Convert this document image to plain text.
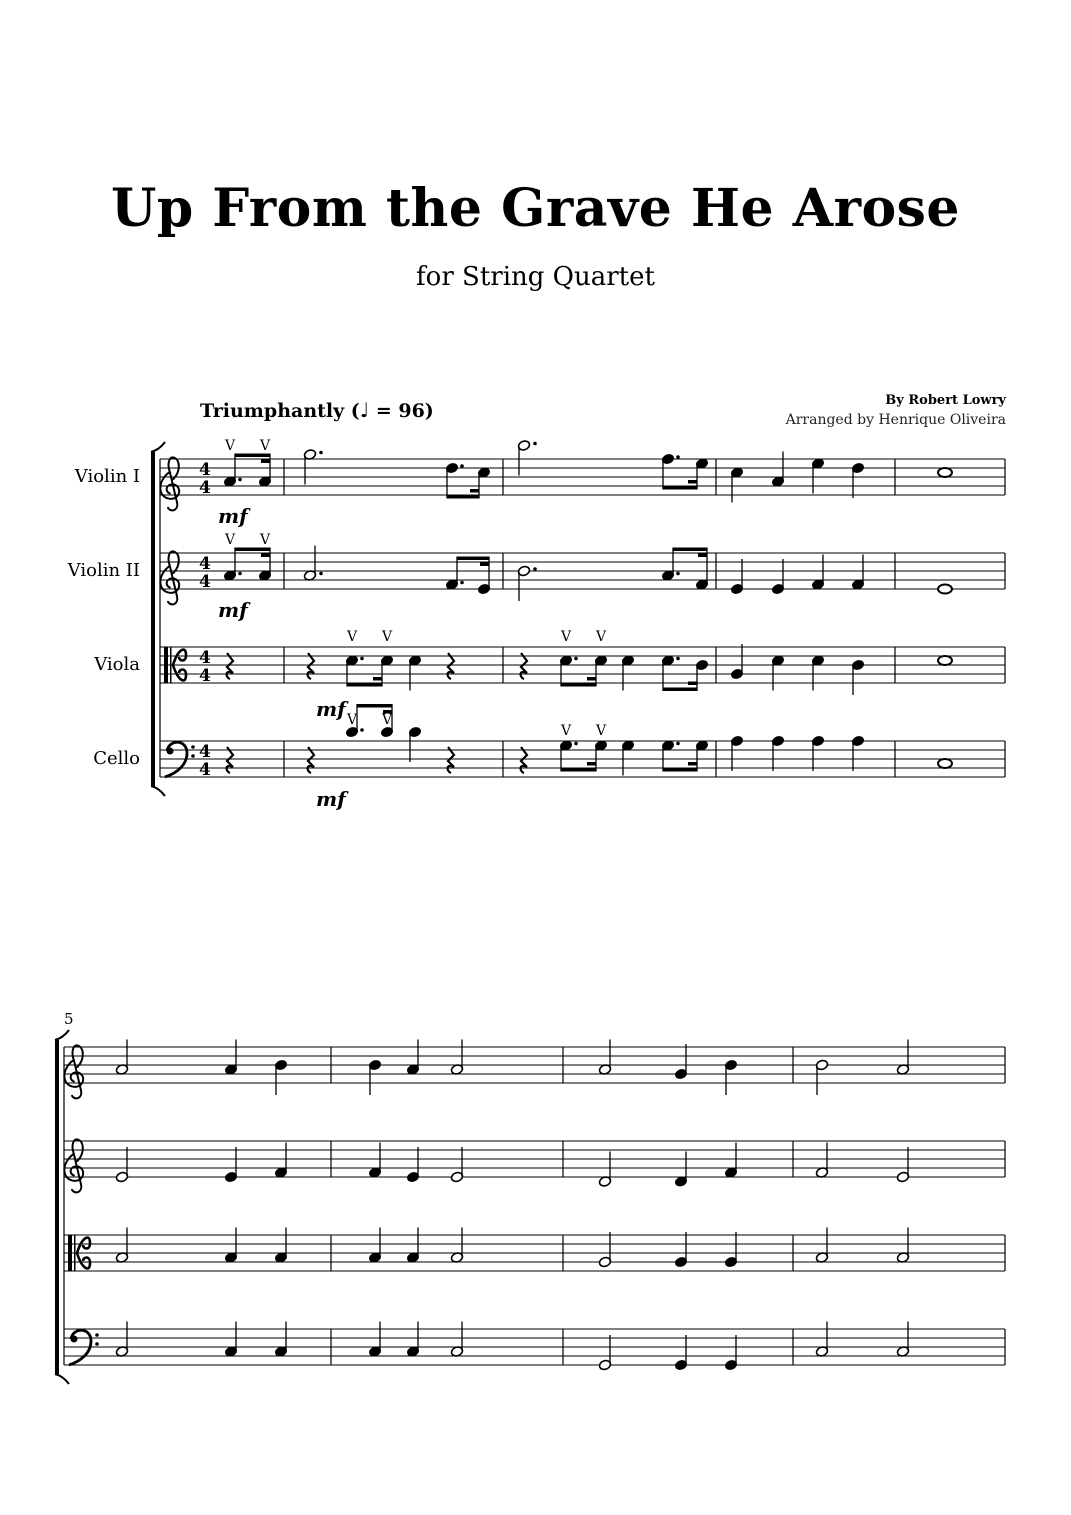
Up From the Grave He Arose
for String Quartet
Triumphantly (♩ = 96)	By Robert Lowry
Arranged by Henrique Oliveira
Violin I
Violin II
Viola
Cello
5
4
4
4
4
4
4
4
4
V V
mf
V V
mf
V V	V V
mf V V
V V
mf
